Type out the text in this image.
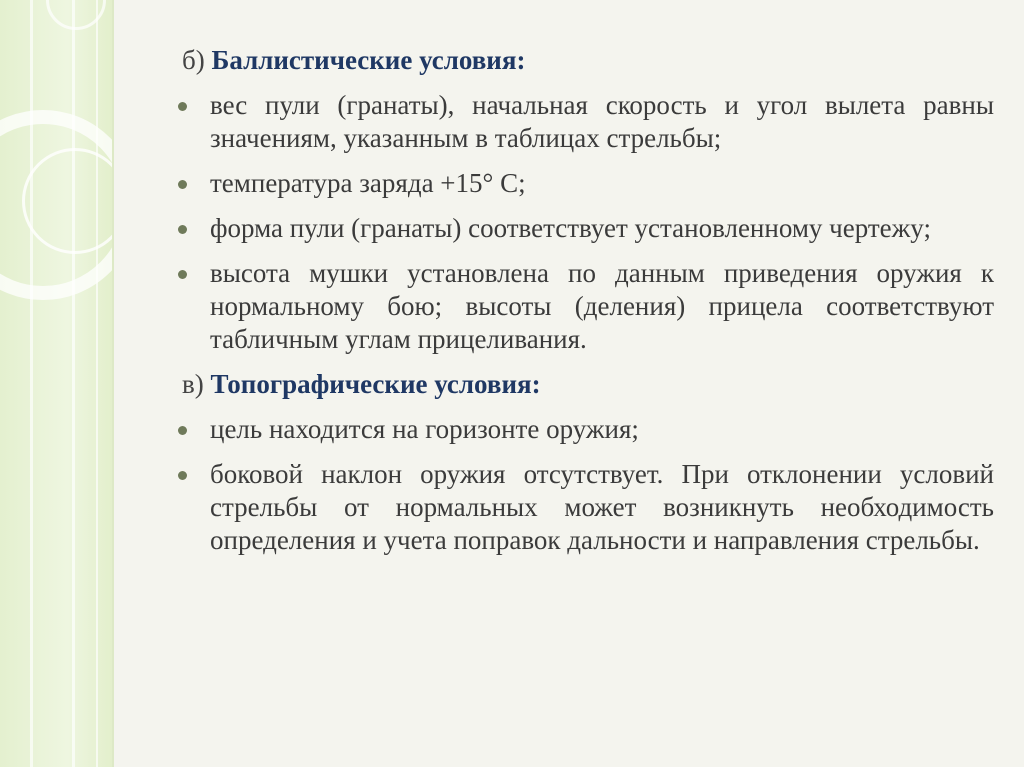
б) Баллистические условия:
вес пули (гранаты), начальная скорость и угол вылета равны значениям, указанным в таблицах стрельбы;
температура заряда +15° С;
форма пули (гранаты) соответствует установленному чертежу;
высота мушки установлена по данным приведения оружия к нормальному бою; высоты (деления) прицела соответствуют табличным углам прицеливания.
в) Топографические условия:
цель находится на горизонте оружия;
боковой наклон оружия отсутствует. При отклонении условий стрельбы от нормальных может возникнуть необходимость определения и учета поправок дальности и направления стрельбы.
